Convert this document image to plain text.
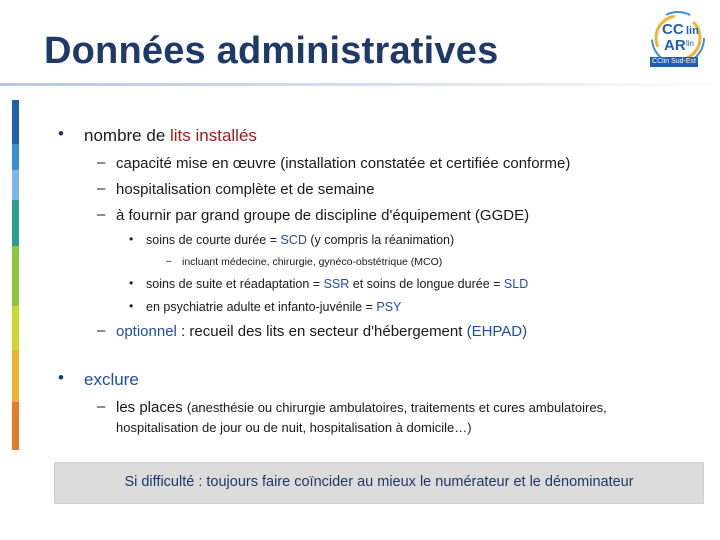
Données administratives
CC lin
AR lin
CClin Sud-Est
• nombre de lits installés
– capacité mise en œuvre (installation constatée et certifiée conforme)
– hospitalisation complète et de semaine
– à fournir par grand groupe de discipline d'équipement (GGDE)
• soins de courte durée = SCD (y compris la réanimation)
– incluant médecine, chirurgie, gynéco-obstétrique (MCO)
• soins de suite et réadaptation = SSR et soins de longue durée = SLD
• en psychiatrie adulte et infanto-juvénile = PSY
– optionnel : recueil des lits en secteur d'hébergement (EHPAD)
• exclure
– les places (anesthésie ou chirurgie ambulatoires, traitements et cures ambulatoires,
hospitalisation de jour ou de nuit, hospitalisation à domicile…)
Si difficulté : toujours faire coïncider au mieux le numérateur et le dénominateur
